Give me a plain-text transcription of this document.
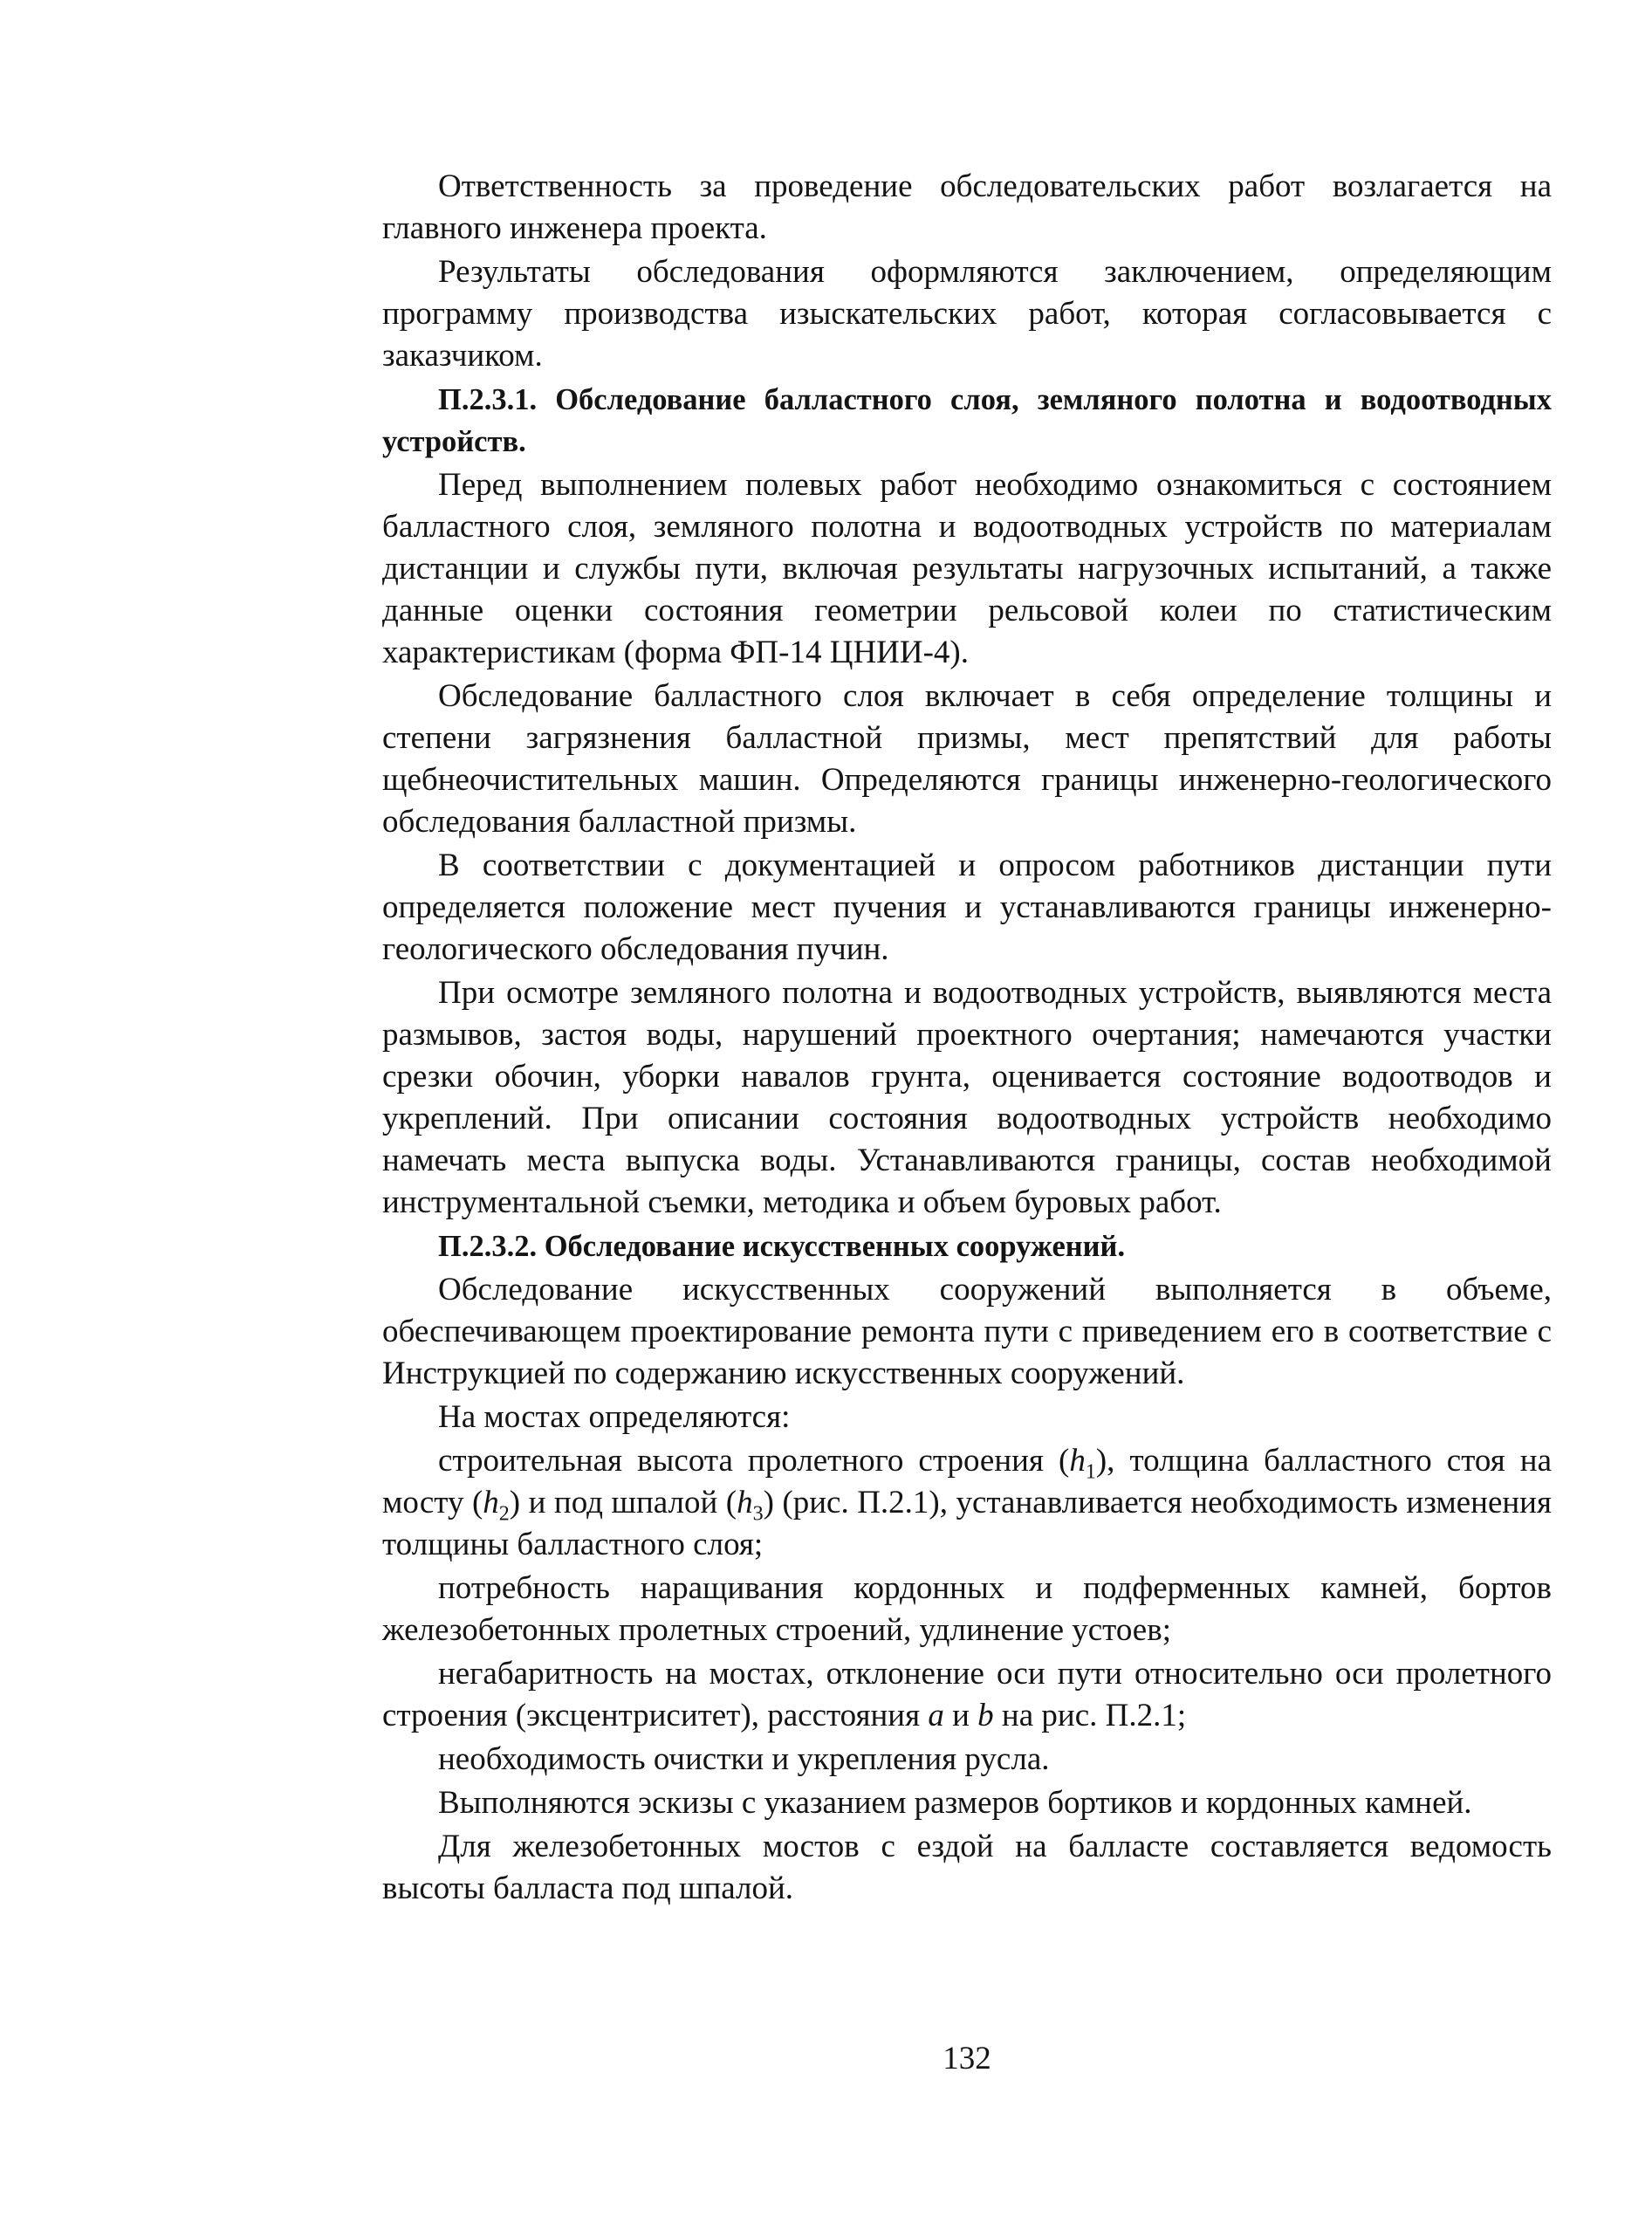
Ответственность за проведение обследовательских работ возлагается на главного инженера проекта.

Результаты обследования оформляются заключением, определяющим программу производства изыскательских работ, которая согласовывается с заказчиком.

П.2.3.1. Обследование балластного слоя, земляного полотна и водоотводных устройств.

Перед выполнением полевых работ необходимо ознакомиться с состоянием балластного слоя, земляного полотна и водоотводных устройств по материалам дистанции и службы пути, включая результаты нагрузочных испытаний, а также данные оценки состояния геометрии рельсовой колеи по статистическим характеристикам (форма ФП-14 ЦНИИ-4).

Обследование балластного слоя включает в себя определение толщины и степени загрязнения балластной призмы, мест препятствий для работы щебнеочистительных машин. Определяются границы инженерно-геологического обследования балластной призмы.

В соответствии с документацией и опросом работников дистанции пути определяется положение мест пучения и устанавливаются границы инженерно-геологического обследования пучин.

При осмотре земляного полотна и водоотводных устройств, выявляются места размывов, застоя воды, нарушений проектного очертания; намечаются участки срезки обочин, уборки навалов грунта, оценивается состояние водоотводов и укреплений. При описании состояния водоотводных устройств необходимо намечать места выпуска воды. Устанавливаются границы, состав необходимой инструментальной съемки, методика и объем буровых работ.

П.2.3.2. Обследование искусственных сооружений.

Обследование искусственных сооружений выполняется в объеме, обеспечивающем проектирование ремонта пути с приведением его в соответствие с Инструкцией по содержанию искусственных сооружений.

На мостах определяются:

строительная высота пролетного строения $(h_1)$, толщина балластного стоя на мосту $(h_2)$ и под шпалой $(h_3)$ (рис. П.2.1), устанавливается необходимость изменения толщины балластного слоя;

потребность наращивания кордонных и подферменных камней, бортов железобетонных пролетных строений, удлинение устоев;

негабаритность на мостах, отклонение оси пути относительно оси пролетного строения (эксцентриситет), расстояния a и b на рис. П.2.1;

необходимость очистки и укрепления русла.

Выполняются эскизы с указанием размеров бортиков и кордонных камней.

Для железобетонных мостов с ездой на балласте составляется ведомость высоты балласта под шпалой.

132
